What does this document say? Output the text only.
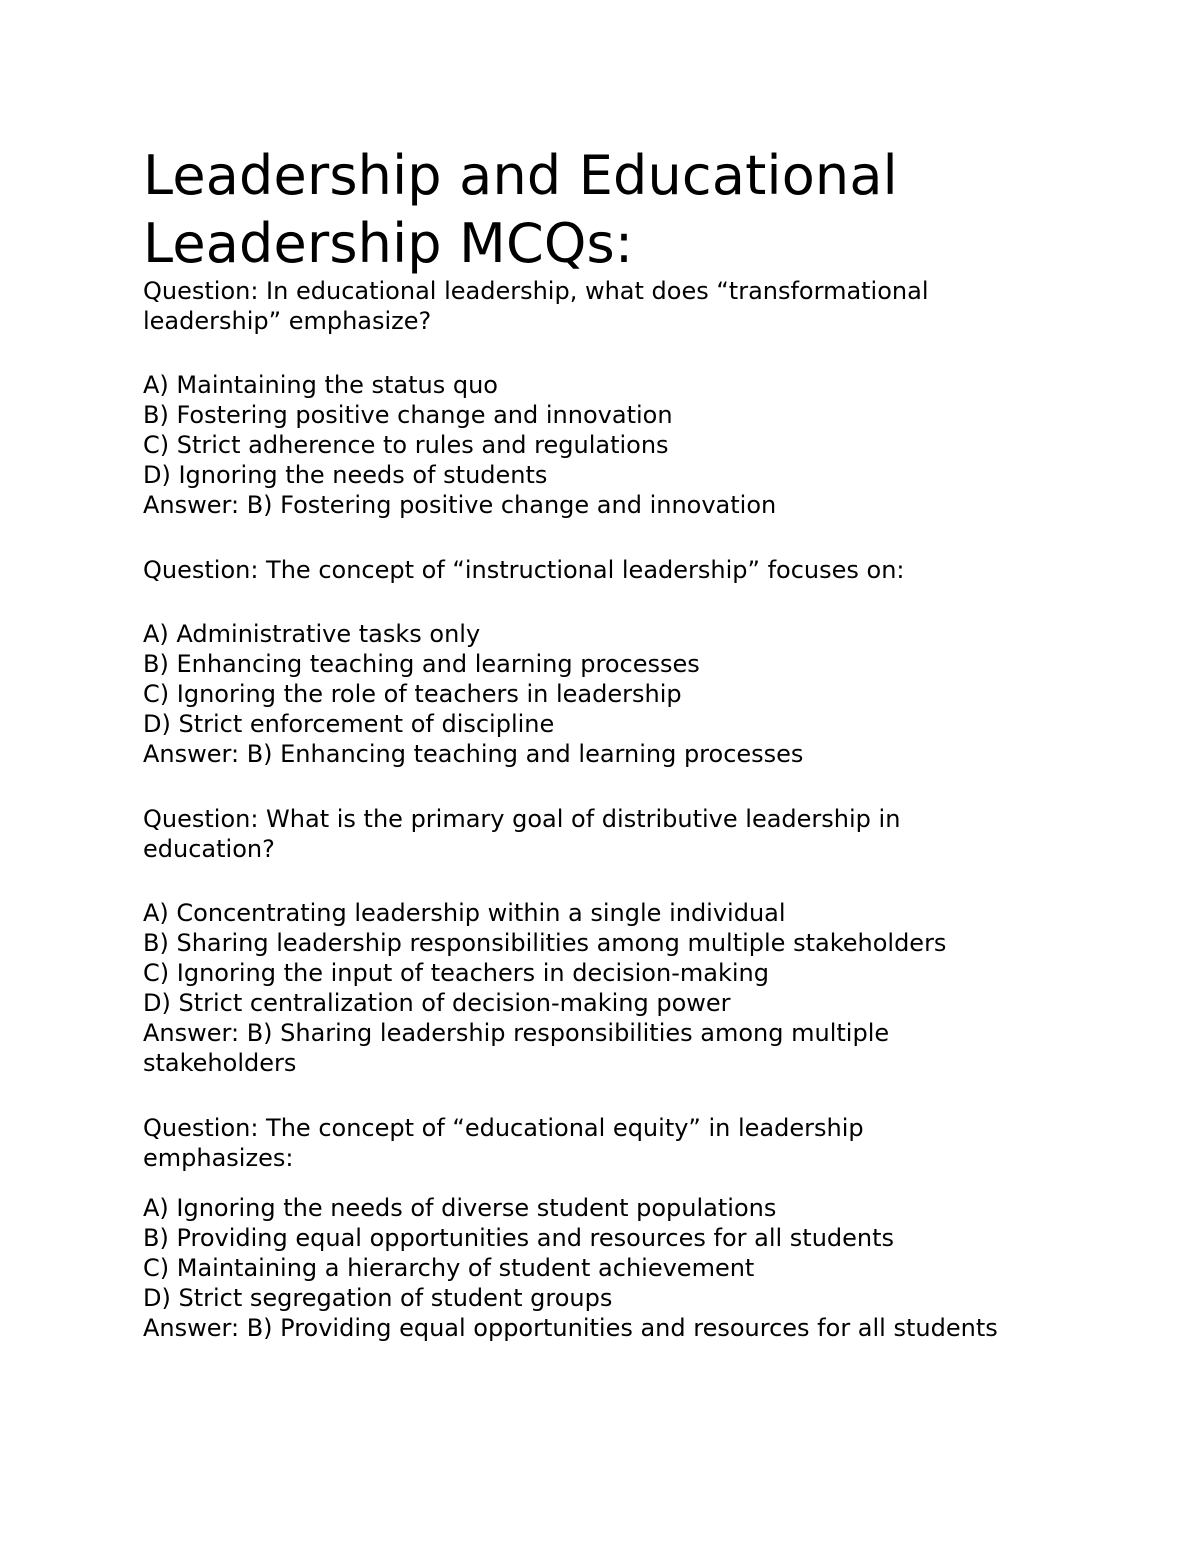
Leadership and Educational
Leadership MCQs:
Question: In educational leadership, what does “transformational
leadership” emphasize?
A) Maintaining the status quo
B) Fostering positive change and innovation
C) Strict adherence to rules and regulations
D) Ignoring the needs of students
Answer: B) Fostering positive change and innovation
Question: The concept of “instructional leadership” focuses on:
A) Administrative tasks only
B) Enhancing teaching and learning processes
C) Ignoring the role of teachers in leadership
D) Strict enforcement of discipline
Answer: B) Enhancing teaching and learning processes
Question: What is the primary goal of distributive leadership in
education?
A) Concentrating leadership within a single individual
B) Sharing leadership responsibilities among multiple stakeholders
C) Ignoring the input of teachers in decision-making
D) Strict centralization of decision-making power
Answer: B) Sharing leadership responsibilities among multiple
stakeholders
Question: The concept of “educational equity” in leadership
emphasizes:
A) Ignoring the needs of diverse student populations
B) Providing equal opportunities and resources for all students
C) Maintaining a hierarchy of student achievement
D) Strict segregation of student groups
Answer: B) Providing equal opportunities and resources for all students
